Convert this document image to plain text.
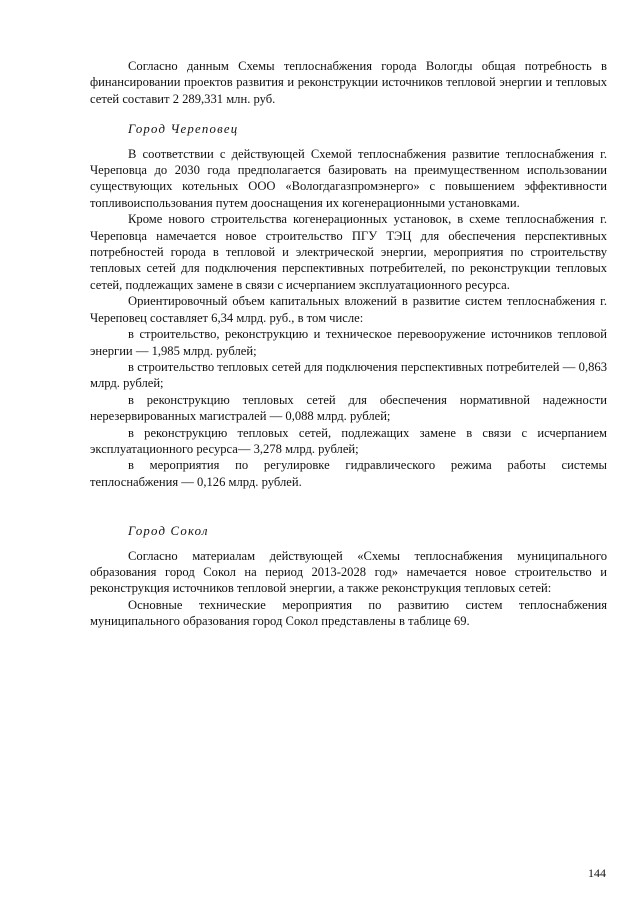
Согласно данным Схемы теплоснабжения города Вологды общая потребность в финансировании проектов развития и реконструкции источников тепловой энергии и тепловых сетей составит 2 289,331 млн. руб.

Город Череповец

В соответствии с действующей Схемой теплоснабжения развитие теплоснабжения г. Череповца до 2030 года предполагается базировать на преимущественном использовании существующих котельных ООО «Вологдагазпромэнерго» с повышением эффективности топливоиспользования путем дооснащения их когенерационными установками.

Кроме нового строительства когенерационных установок, в схеме теплоснабжения г. Череповца намечается новое строительство ПГУ ТЭЦ для обеспечения перспективных потребностей города в тепловой и электрической энергии, мероприятия по строительству тепловых сетей для подключения перспективных потребителей, по реконструкции тепловых сетей, подлежащих замене в связи с исчерпанием эксплуатационного ресурса.

Ориентировочный объем капитальных вложений в развитие систем теплоснабжения г. Череповец составляет 6,34 млрд. руб., в том числе:

в строительство, реконструкцию и техническое перевооружение источников тепловой энергии — 1,985 млрд. рублей;

в строительство тепловых сетей для подключения перспективных потребителей — 0,863 млрд. рублей;

в реконструкцию тепловых сетей для обеспечения нормативной надежности нерезервированных магистралей — 0,088 млрд. рублей;

в реконструкцию тепловых сетей, подлежащих замене в связи с исчерпанием эксплуатационного ресурса— 3,278 млрд. рублей;

в мероприятия по регулировке гидравлического режима работы системы теплоснабжения — 0,126 млрд. рублей.

Город Сокол

Согласно материалам действующей «Схемы теплоснабжения муниципального образования город Сокол на период 2013-2028 год» намечается новое строительство и реконструкция источников тепловой энергии, а также реконструкция тепловых сетей:

Основные технические мероприятия по развитию систем теплоснабжения муниципального образования город Сокол представлены в таблице 69.

144
